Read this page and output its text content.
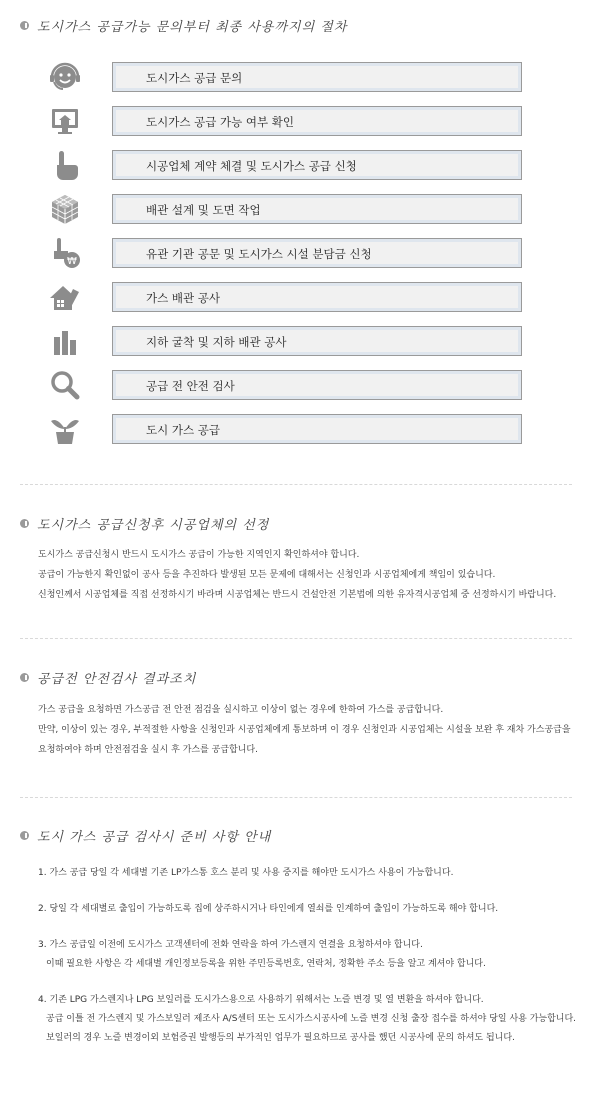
도시가스 공급가능 문의부터 최종 사용까지의 절차
₩
도시가스 공급 문의
도시가스 공급 가능 여부 확인
시공업체 계약 체결 및 도시가스 공급 신청
배관 설계 및 도면 작업
유관 기관 공문 및 도시가스 시설 분담금 신청
가스 배관 공사
지하 굴착 및 지하 배관 공사
공급 전 안전 검사
도시 가스 공급
도시가스 공급신청후 시공업체의 선정
도시가스 공급신청시 반드시 도시가스 공급이 가능한 지역인지 확인하셔야 합니다.
공급이 가능한지 확인없이 공사 등을 추진하다 발생된 모든 문제에 대해서는 신청인과 시공업체에게 책임이 있습니다.
신청인께서 시공업체를 직접 선정하시기 바라며 시공업체는 반드시 건설안전 기본법에 의한 유자격시공업체 중 선정하시기 바랍니다.
공급전 안전검사 결과조치
가스 공급을 요청하면 가스공급 전 안전 점검을 실시하고 이상이 없는 경우에 한하여 가스를 공급합니다.
만약, 이상이 있는 경우, 부적절한 사항을 신청인과 시공업체에게 통보하며 이 경우 신청인과 시공업체는 시설을 보완 후 재차 가스공급을
요청하여야 하며 안전점검을 실시 후 가스를 공급합니다.
도시 가스 공급 검사시 준비 사항 안내
1. 가스 공급 당일 각 세대별 기존 LP가스통 호스 분리 및 사용 중지를 해야만 도시가스 사용이 가능합니다.
2. 당일 각 세대별로 출입이 가능하도록 집에 상주하시거나 타인에게 열쇠를 인계하여 출입이 가능하도록 해야 합니다.
3. 가스 공급일 이전에 도시가스 고객센터에 전화 연락을 하여 가스렌지 연결을 요청하셔야 합니다.
이때 필요한 사항은 각 세대별 개인정보등록을 위한 주민등록번호, 연락처, 정확한 주소 등을 알고 계셔야 합니다.
4. 기존 LPG 가스렌지나 LPG 보일러를 도시가스용으로 사용하기 위해서는 노즐 변경 및 열 변환을 하셔야 합니다.
공급 이틀 전 가스렌지 및 가스보일러 제조사 A/S센터 또는 도시가스시공사에 노즐 변경 신청 출장 접수를 하셔야 당일 사용 가능합니다.
보일러의 경우 노즐 변경이외 보험증권 발행등의 부가적인 업무가 필요하므로 공사를 했던 시공사에 문의 하셔도 됩니다.
